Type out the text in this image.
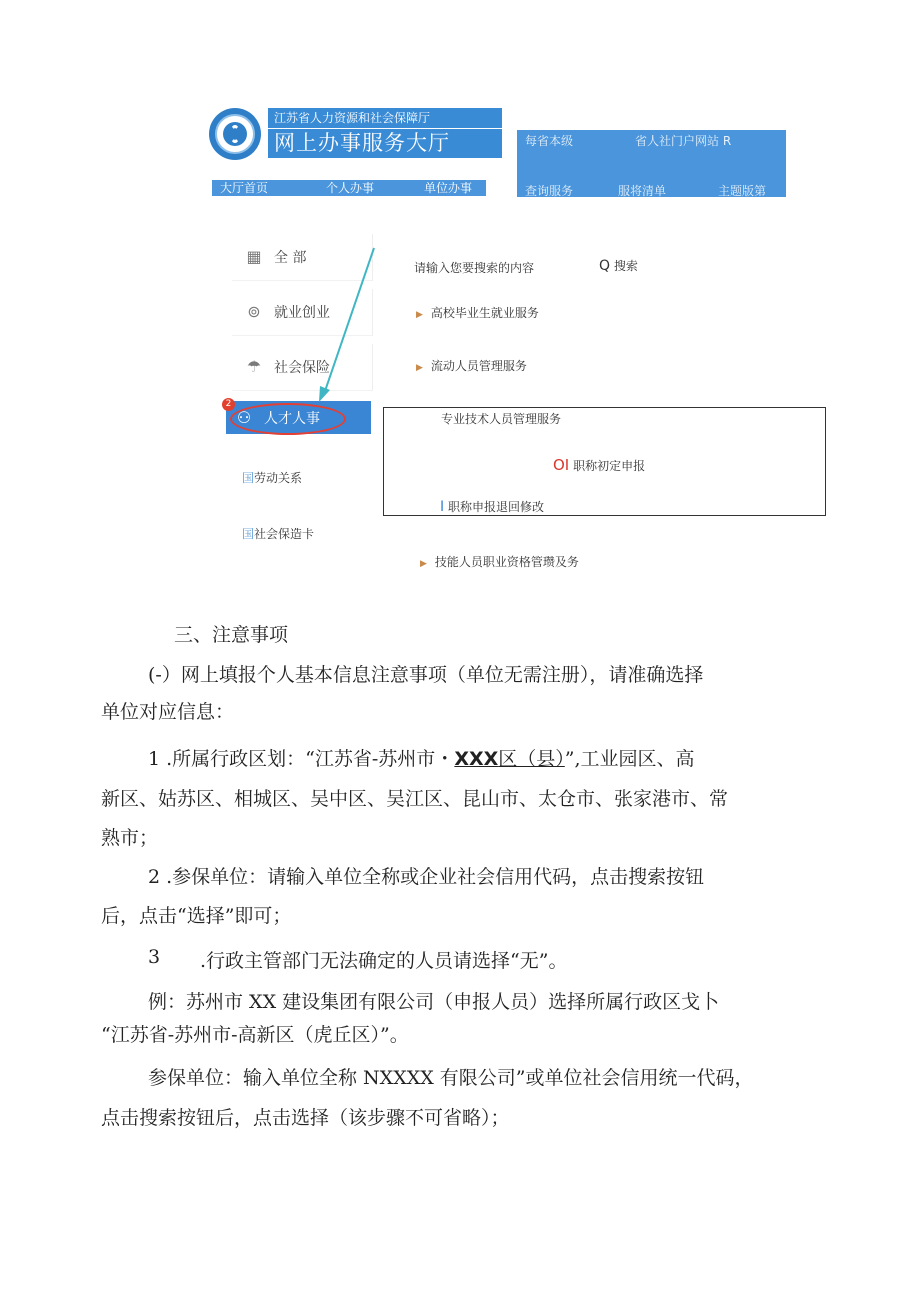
江苏省人力资源和社会保障厅
网上办事服务大厅
大厅首页	个人办事	单位办事
每省本级	省人社门户网站 R
查询服务	服将清单	主题版第
▦ 全 部
⊚ 就业创业
☂ 社会保险
⚇ 人才人事
2
国劳动关系
国社会保造卡
请输入您要搜索的内容	Q 搜索
▶ 高校毕业生就业服务
▶ 流动人员管理服务
专业技术人员管理服务
OI 职称初定申报
I 职称申报退回修改
▶ 技能人员职业资格管瓒及务
三、注意事项
(-）网上填报个人基本信息注意事项（单位无需注册），请准确选择
单位对应信息：
1 .所属行政区划：“江苏省-苏州市・XXX区（县）”,工业园区、高
新区、姑苏区、相城区、吴中区、吴江区、昆山市、太仓市、张家港市、常
熟市；
2 .参保单位：请输入单位全称或企业社会信用代码，点击搜索按钮
后，点击“选择”即可；
3 .行政主管部门无法确定的人员请选择“无”。
例：苏州市 XX 建设集团有限公司（申报人员）选择所属行政区戈卜
“江苏省-苏州市-高新区（虎丘区）”。
参保单位：输入单位全称 NXXXX 有限公司”或单位社会信用统一代码，
点击搜索按钮后，点击选择（该步骤不可省略）；
